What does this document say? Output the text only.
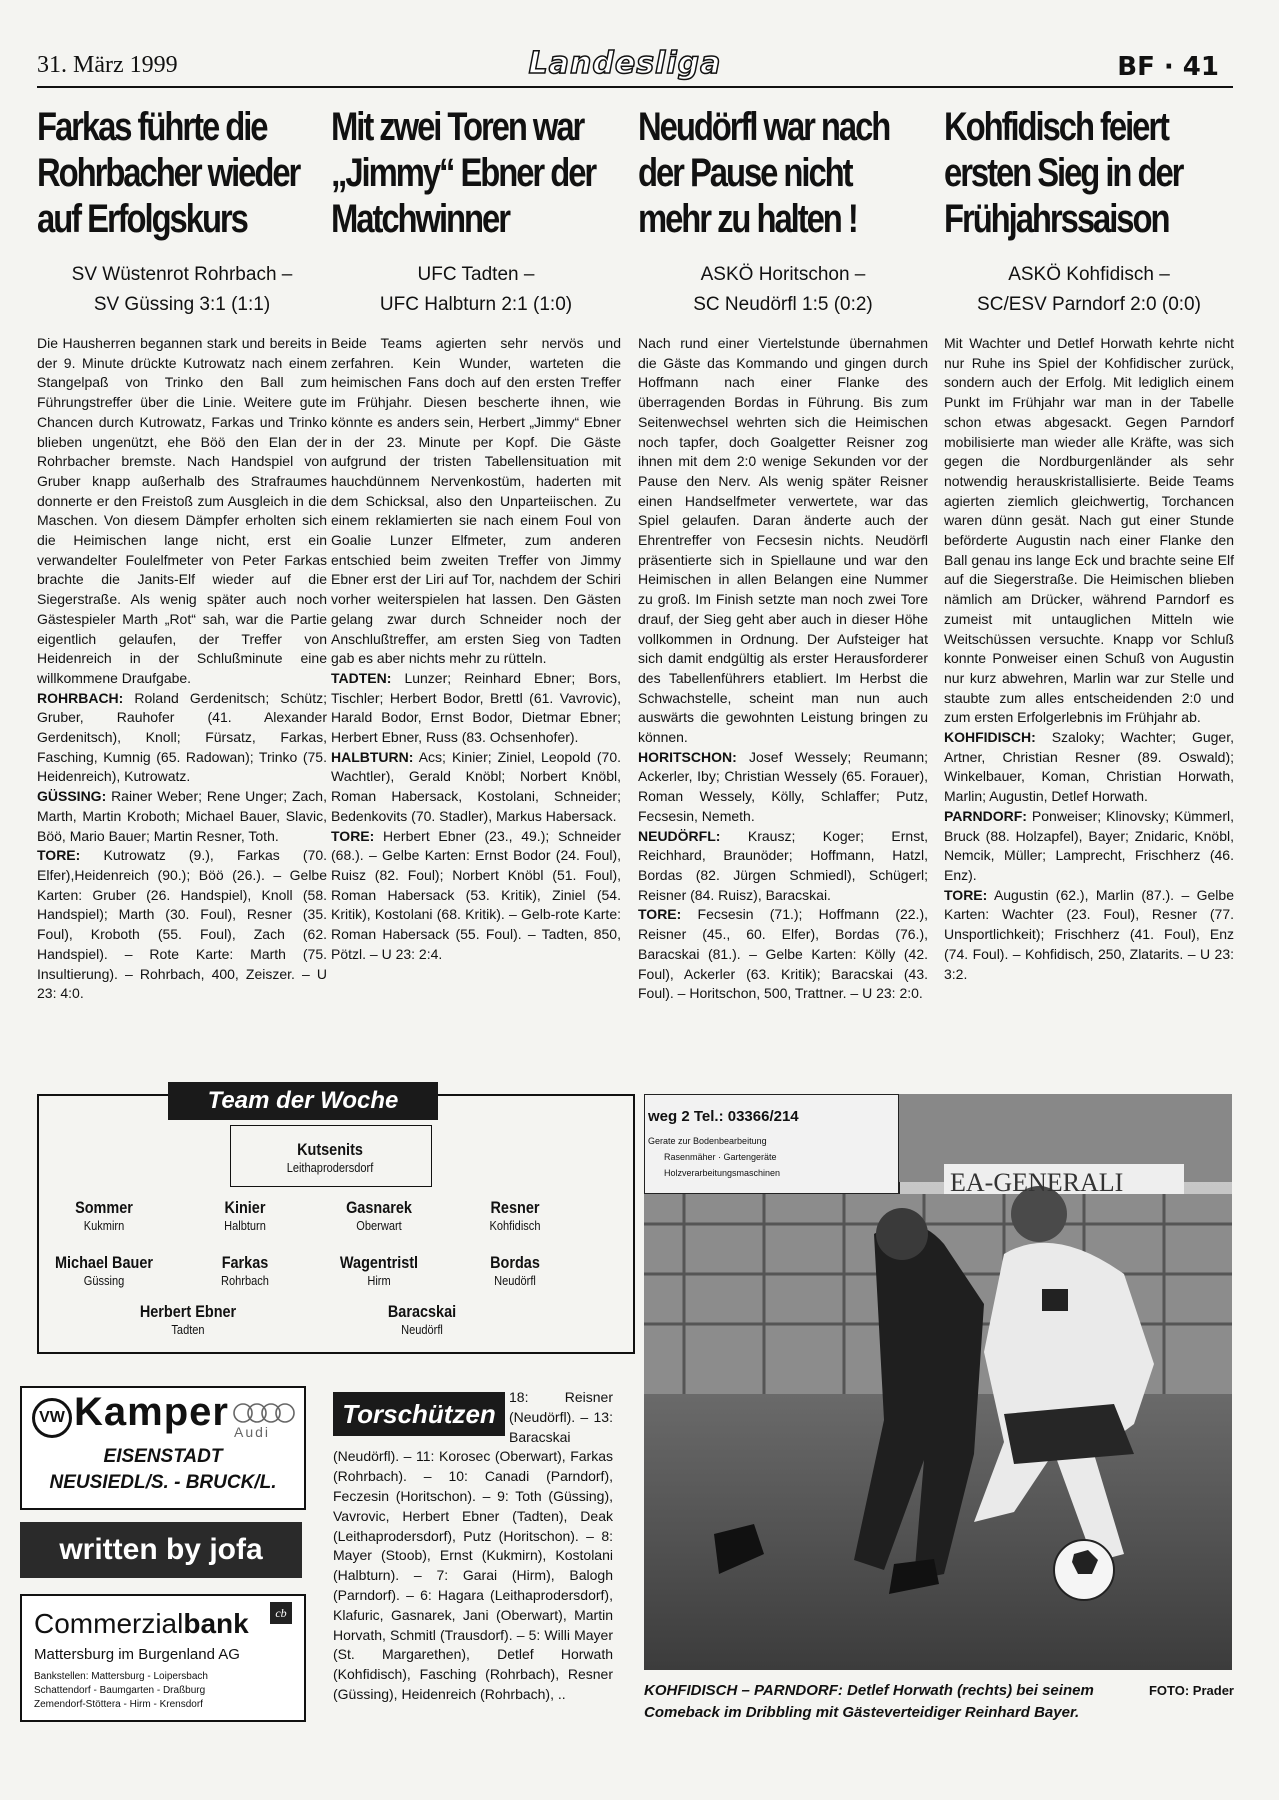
31. März 1999	Landesliga	BF · 41
Farkas führte die Rohrbacher wieder auf Erfolgskurs
SV Wüstenrot Rohrbach –
SV Güssing 3:1 (1:1)

Die Hausherren begannen stark und bereits in der 9. Minute drückte Kutrowatz nach einem Stangelpaß von Trinko den Ball zum Führungstreffer über die Linie. Weitere gute Chancen durch Kutrowatz, Farkas und Trinko blieben ungenützt, ehe Böö den Elan der Rohrbacher bremste. Nach Handspiel von Gruber knapp außerhalb des Strafraumes donnerte er den Freistoß zum Ausgleich in die Maschen. Von diesem Dämpfer erholten sich die Heimischen lange nicht, erst ein verwandelter Foulelfmeter von Peter Farkas brachte die Janits-Elf wieder auf die Siegerstraße. Als wenig später auch noch Gästespieler Marth „Rot“ sah, war die Partie eigentlich gelaufen, der Treffer von Heidenreich in der Schlußminute eine willkommene Draufgabe.

ROHRBACH: Roland Gerdenitsch; Schütz; Gruber, Rauhofer (41. Alexander Gerdenitsch), Knoll; Fürsatz, Farkas, Fasching, Kumnig (65. Radowan); Trinko (75. Heidenreich), Kutrowatz.

GÜSSING: Rainer Weber; Rene Unger; Zach, Marth, Martin Kroboth; Michael Bauer, Slavic, Böö, Mario Bauer; Martin Resner, Toth.

TORE: Kutrowatz (9.), Farkas (70. Elfer),Heidenreich (90.); Böö (26.). – Gelbe Karten: Gruber (26. Handspiel), Knoll (58. Handspiel); Marth (30. Foul), Resner (35. Foul), Kroboth (55. Foul), Zach (62. Handspiel). – Rote Karte: Marth (75. Insultierung). – Rohrbach, 400, Zeiszer. – U 23: 4:0.

Mit zwei Toren war „Jimmy“ Ebner der Matchwinner
UFC Tadten –
UFC Halbturn 2:1 (1:0)

Beide Teams agierten sehr nervös und zerfahren. Kein Wunder, warteten die heimischen Fans doch auf den ersten Treffer im Frühjahr. Diesen bescherte ihnen, wie könnte es anders sein, Herbert „Jimmy“ Ebner in der 23. Minute per Kopf. Die Gäste aufgrund der tristen Tabellensituation mit hauchdünnem Nervenkostüm, haderten mit dem Schicksal, also den Unparteiischen. Zu einem reklamierten sie nach einem Foul von Goalie Lunzer Elfmeter, zum anderen entschied beim zweiten Treffer von Jimmy Ebner erst der Liri auf Tor, nachdem der Schiri vorher weiterspielen hat lassen. Den Gästen gelang zwar durch Schneider noch der Anschlußtreffer, am ersten Sieg von Tadten gab es aber nichts mehr zu rütteln.

TADTEN: Lunzer; Reinhard Ebner; Bors, Tischler; Herbert Bodor, Brettl (61. Vavrovic), Harald Bodor, Ernst Bodor, Dietmar Ebner; Herbert Ebner, Russ (83. Ochsenhofer).

HALBTURN: Acs; Kinier; Ziniel, Leopold (70. Wachtler), Gerald Knöbl; Norbert Knöbl, Roman Habersack, Kostolani, Schneider; Bedenkovits (70. Stadler), Markus Habersack.

TORE: Herbert Ebner (23., 49.); Schneider (68.). – Gelbe Karten: Ernst Bodor (24. Foul), Ruisz (82. Foul); Norbert Knöbl (51. Foul), Roman Habersack (53. Kritik), Ziniel (54. Kritik), Kostolani (68. Kritik). – Gelb-rote Karte: Roman Habersack (55. Foul). – Tadten, 850, Pötzl. – U 23: 2:4.

Neudörfl war nach der Pause nicht mehr zu halten !
ASKÖ Horitschon –
SC Neudörfl 1:5 (0:2)

Nach rund einer Viertelstunde übernahmen die Gäste das Kommando und gingen durch Hoffmann nach einer Flanke des überragenden Bordas in Führung. Bis zum Seitenwechsel wehrten sich die Heimischen noch tapfer, doch Goalgetter Reisner zog ihnen mit dem 2:0 wenige Sekunden vor der Pause den Nerv. Als wenig später Reisner einen Handselfmeter verwertete, war das Spiel gelaufen. Daran änderte auch der Ehrentreffer von Fecsesin nichts. Neudörfl präsentierte sich in Spiellaune und war den Heimischen in allen Belangen eine Nummer zu groß. Im Finish setzte man noch zwei Tore drauf, der Sieg geht aber auch in dieser Höhe vollkommen in Ordnung. Der Aufsteiger hat sich damit endgültig als erster Herausforderer des Tabellenführers etabliert. Im Herbst die Schwachstelle, scheint man nun auch auswärts die gewohnten Leistung bringen zu können.

HORITSCHON: Josef Wessely; Reumann; Ackerler, Iby; Christian Wessely (65. Forauer), Roman Wessely, Kölly, Schlaffer; Putz, Fecsesin, Nemeth.

NEUDÖRFL: Krausz; Koger; Ernst, Reichhard, Braunöder; Hoffmann, Hatzl, Bordas (82. Jürgen Schmiedl), Schügerl; Reisner (84. Ruisz), Baracskai.

TORE: Fecsesin (71.); Hoffmann (22.), Reisner (45., 60. Elfer), Bordas (76.), Baracskai (81.). – Gelbe Karten: Kölly (42. Foul), Ackerler (63. Kritik); Baracskai (43. Foul). – Horitschon, 500, Trattner. – U 23: 2:0.

Kohfidisch feiert ersten Sieg in der Frühjahrssaison
ASKÖ Kohfidisch –
SC/ESV Parndorf 2:0 (0:0)

Mit Wachter und Detlef Horwath kehrte nicht nur Ruhe ins Spiel der Kohfidischer zurück, sondern auch der Erfolg. Mit lediglich einem Punkt im Frühjahr war man in der Tabelle schon etwas abgesackt. Gegen Parndorf mobilisierte man wieder alle Kräfte, was sich gegen die Nordburgenländer als sehr notwendig herauskristallisierte. Beide Teams agierten ziemlich gleichwertig, Torchancen waren dünn gesät. Nach gut einer Stunde beförderte Augustin nach einer Flanke den Ball genau ins lange Eck und brachte seine Elf auf die Siegerstraße. Die Heimischen blieben nämlich am Drücker, während Parndorf es zumeist mit untauglichen Mitteln wie Weitschüssen versuchte. Knapp vor Schluß konnte Ponweiser einen Schuß von Augustin nur kurz abwehren, Marlin war zur Stelle und staubte zum alles entscheidenden 2:0 und zum ersten Erfolgerlebnis im Frühjahr ab.

KOHFIDISCH: Szaloky; Wachter; Guger, Artner, Christian Resner (89. Oswald); Winkelbauer, Koman, Christian Horwath, Marlin; Augustin, Detlef Horwath.

PARNDORF: Ponweiser; Klinovsky; Kümmerl, Bruck (88. Holzapfel), Bayer; Znidaric, Knöbl, Nemcik, Müller; Lamprecht, Frischherz (46. Enz).

TORE: Augustin (62.), Marlin (87.). – Gelbe Karten: Wachter (23. Foul), Resner (77. Unsportlichkeit); Frischherz (41. Foul), Enz (74. Foul). – Kohfidisch, 250, Zlatarits. – U 23: 3:2.

Team der Woche
Kutsenits
Leithaprodersdorf
Sommer
Kukmirn
Kinier
Halbturn
Gasnarek
Oberwart
Resner
Kohfidisch
Michael Bauer
Güssing
Farkas
Rohrbach
Wagentristl
Hirm
Bordas
Neudörfl
Herbert Ebner
Tadten
Baracskai
Neudörfl
VW Kamper Audi
EISENSTADT
NEUSIEDL/S. - BRUCK/L.
written by jofa
Commerzialbank	cb
Mattersburg im Burgenland AG
Bankstellen: Mattersburg - Loipersbach
Schattendorf - Baumgarten - Draßburg
Zemendorf-Stöttera - Hirm - Krensdorf
Torschützen
18: Reisner (Neudörfl). – 13: Baracskai (Neudörfl). – 11: Korosec (Oberwart), Farkas (Rohrbach). – 10: Canadi (Parndorf), Feczesin (Horitschon). – 9: Toth (Güssing), Vavrovic, Herbert Ebner (Tadten), Deak (Leithaprodersdorf), Putz (Horitschon). – 8: Mayer (Stoob), Ernst (Kukmirn), Kostolani (Halbturn). – 7: Garai (Hirm), Balogh (Parndorf). – 6: Hagara (Leithaprodersdorf), Klafuric, Gasnarek, Jani (Oberwart), Martin Horvath, Schmitl (Trausdorf). – 5: Willi Mayer (St. Margarethen), Detlef Horwath (Kohfidisch), Fasching (Rohrbach), Resner (Güssing), Heidenreich (Rohrbach), ..
weg 2 Tel.: 03366/214
Gerate zur Bodenbearbeitung
Rasenmäher · Gartengeräte
Holzverarbeitungsmaschinen	EA-GENERALI
FOTO: Prader
KOHFIDISCH – PARNDORF: Detlef Horwath (rechts) bei seinem Comeback im Dribbling mit Gästeverteidiger Reinhard Bayer.
